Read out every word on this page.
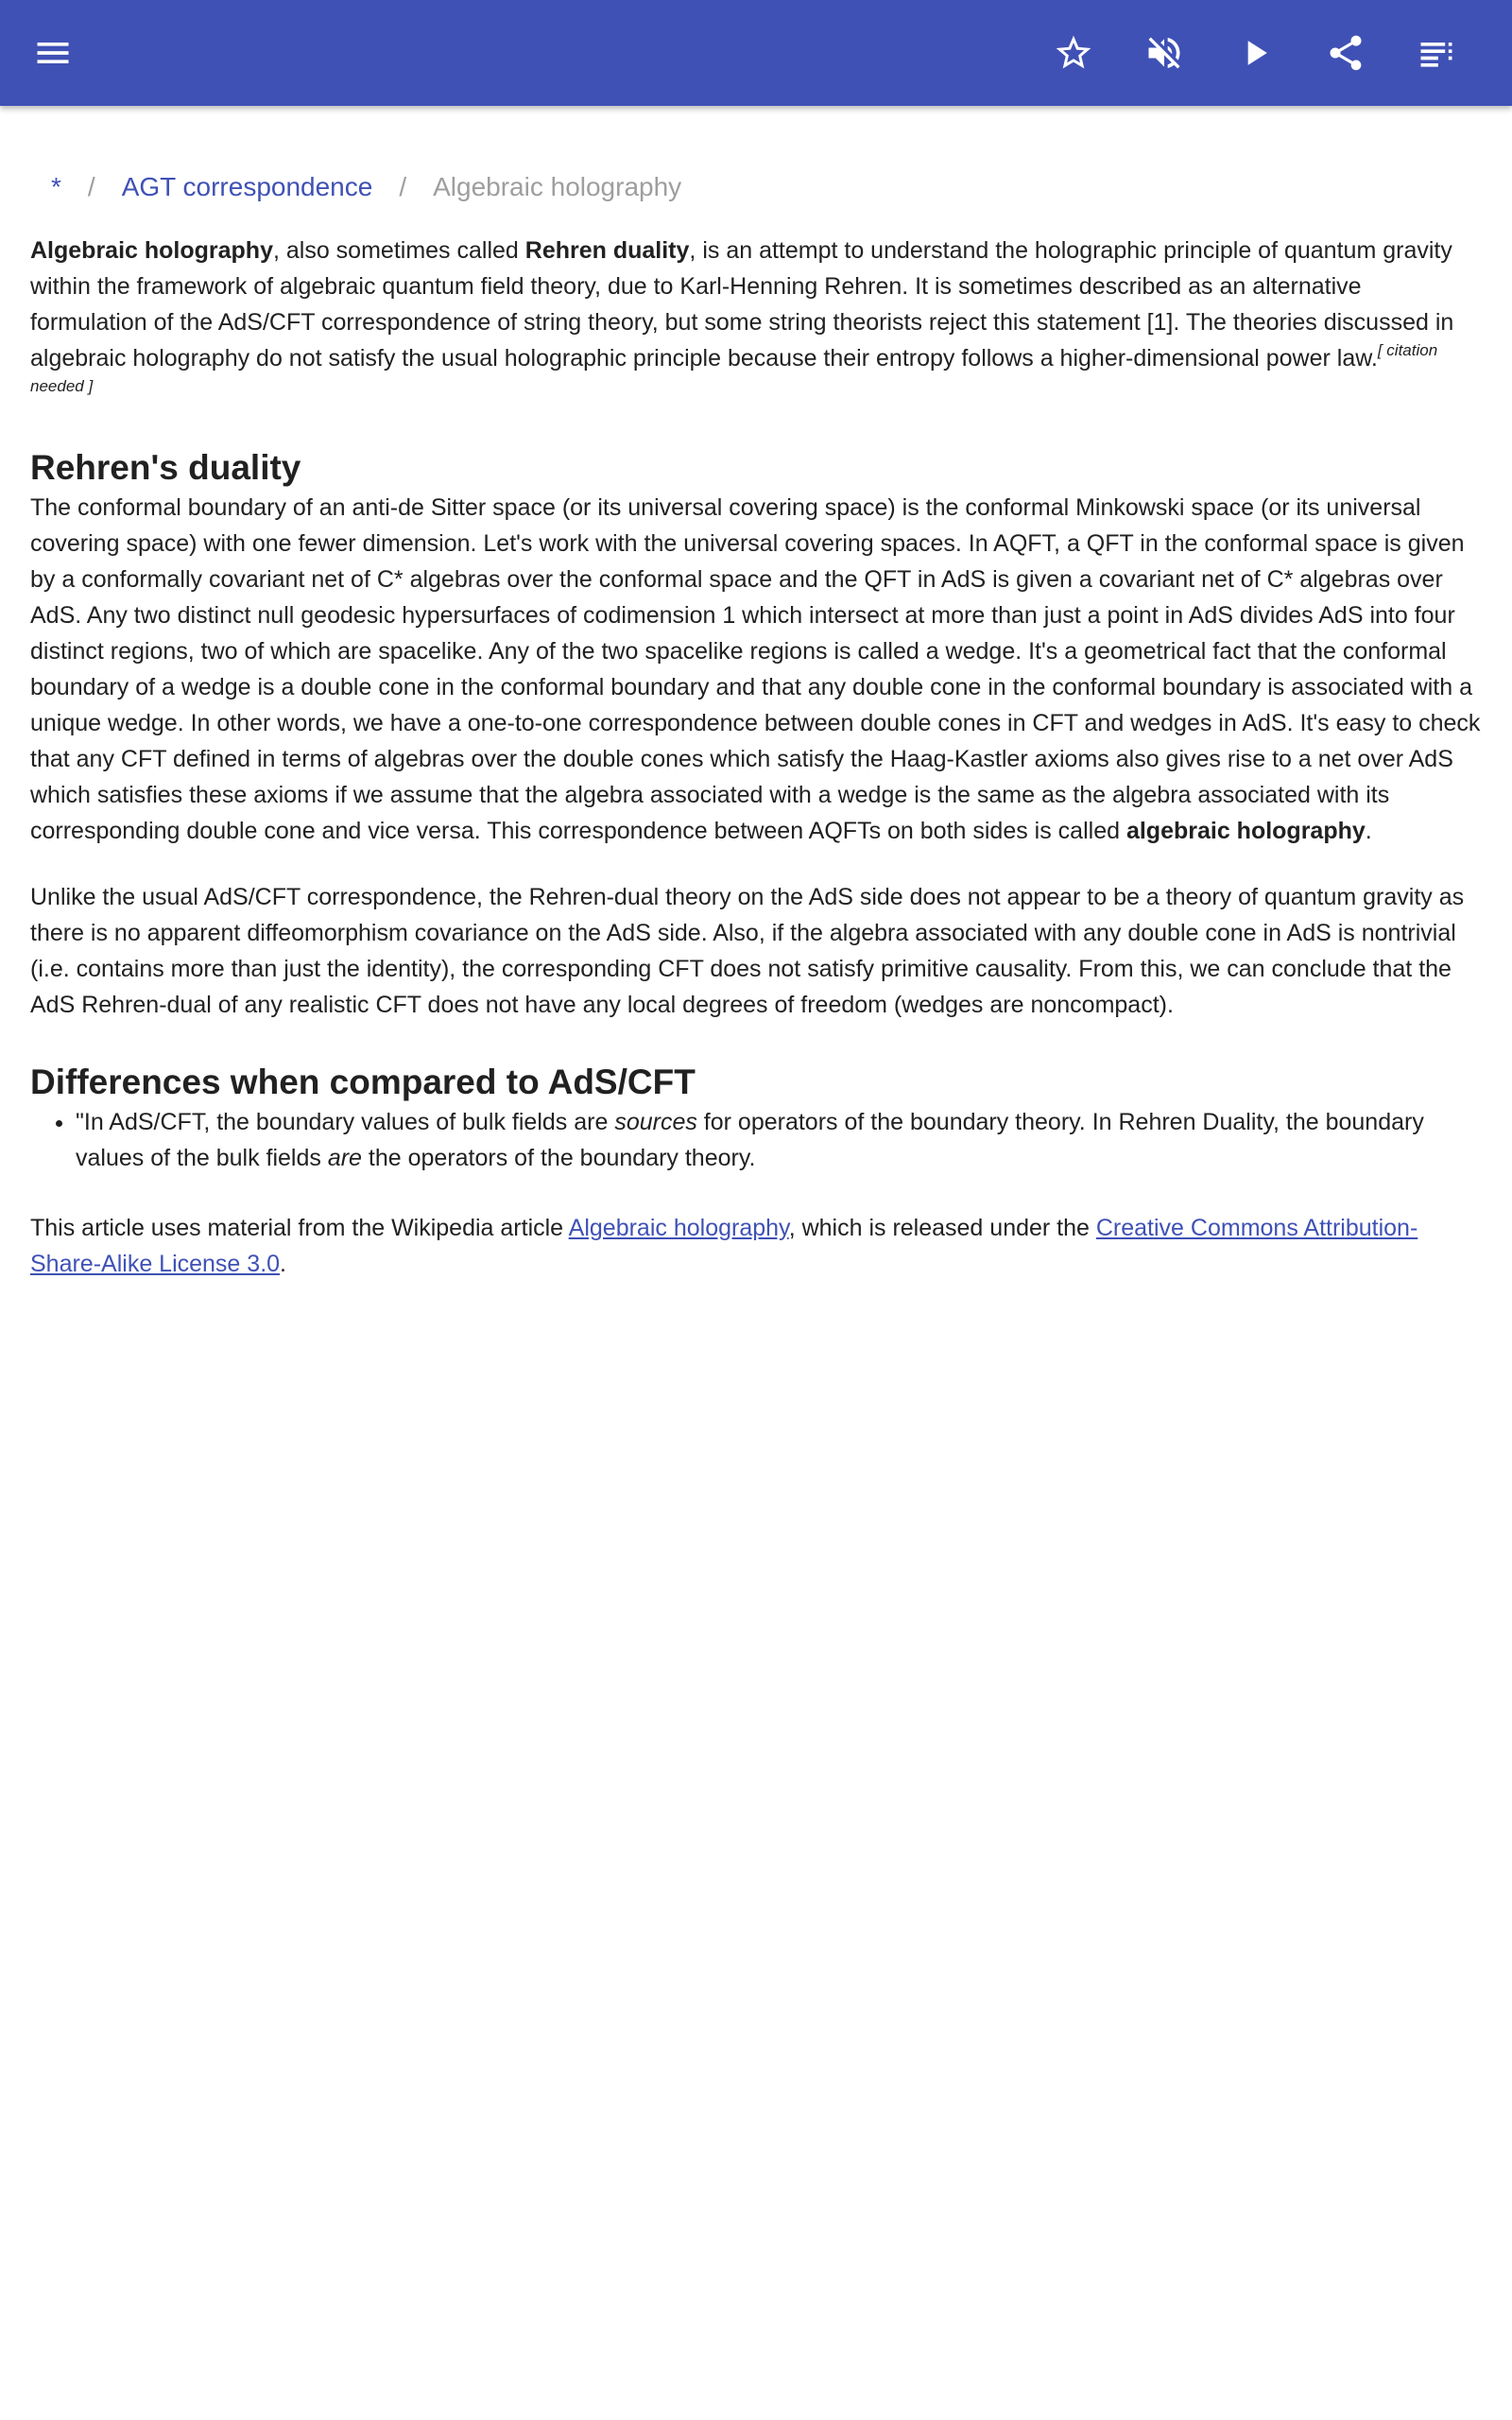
* / AGT correspondence / Algebraic holography

Algebraic holography, also sometimes called Rehren duality, is an attempt to understand the holographic principle of quantum gravity within the framework of algebraic quantum field theory, due to Karl-Henning Rehren. It is sometimes described as an alternative formulation of the AdS/CFT correspondence of string theory, but some string theorists reject this statement [1]. The theories discussed in algebraic holography do not satisfy the usual holographic principle because their entropy follows a higher-dimensional power law.[ citation needed ]

Rehren's duality

The conformal boundary of an anti-de Sitter space (or its universal covering space) is the conformal Minkowski space (or its universal covering space) with one fewer dimension. Let's work with the universal covering spaces. In AQFT, a QFT in the conformal space is given by a conformally covariant net of C* algebras over the conformal space and the QFT in AdS is given a covariant net of C* algebras over AdS. Any two distinct null geodesic hypersurfaces of codimension 1 which intersect at more than just a point in AdS divides AdS into four distinct regions, two of which are spacelike. Any of the two spacelike regions is called a wedge. It's a geometrical fact that the conformal boundary of a wedge is a double cone in the conformal boundary and that any double cone in the conformal boundary is associated with a unique wedge. In other words, we have a one-to-one correspondence between double cones in CFT and wedges in AdS. It's easy to check that any CFT defined in terms of algebras over the double cones which satisfy the Haag-Kastler axioms also gives rise to a net over AdS which satisfies these axioms if we assume that the algebra associated with a wedge is the same as the algebra associated with its corresponding double cone and vice versa. This correspondence between AQFTs on both sides is called algebraic holography.

Unlike the usual AdS/CFT correspondence, the Rehren-dual theory on the AdS side does not appear to be a theory of quantum gravity as there is no apparent diffeomorphism covariance on the AdS side. Also, if the algebra associated with any double cone in AdS is nontrivial (i.e. contains more than just the identity), the corresponding CFT does not satisfy primitive causality. From this, we can conclude that the AdS Rehren-dual of any realistic CFT does not have any local degrees of freedom (wedges are noncompact).

Differences when compared to AdS/CFT
• "In AdS/CFT, the boundary values of bulk fields are sources for operators of the boundary theory. In Rehren Duality, the boundary values of the bulk fields are the operators of the boundary theory.

This article uses material from the Wikipedia article Algebraic holography, which is released under the Creative Commons Attribution-Share-Alike License 3.0.
